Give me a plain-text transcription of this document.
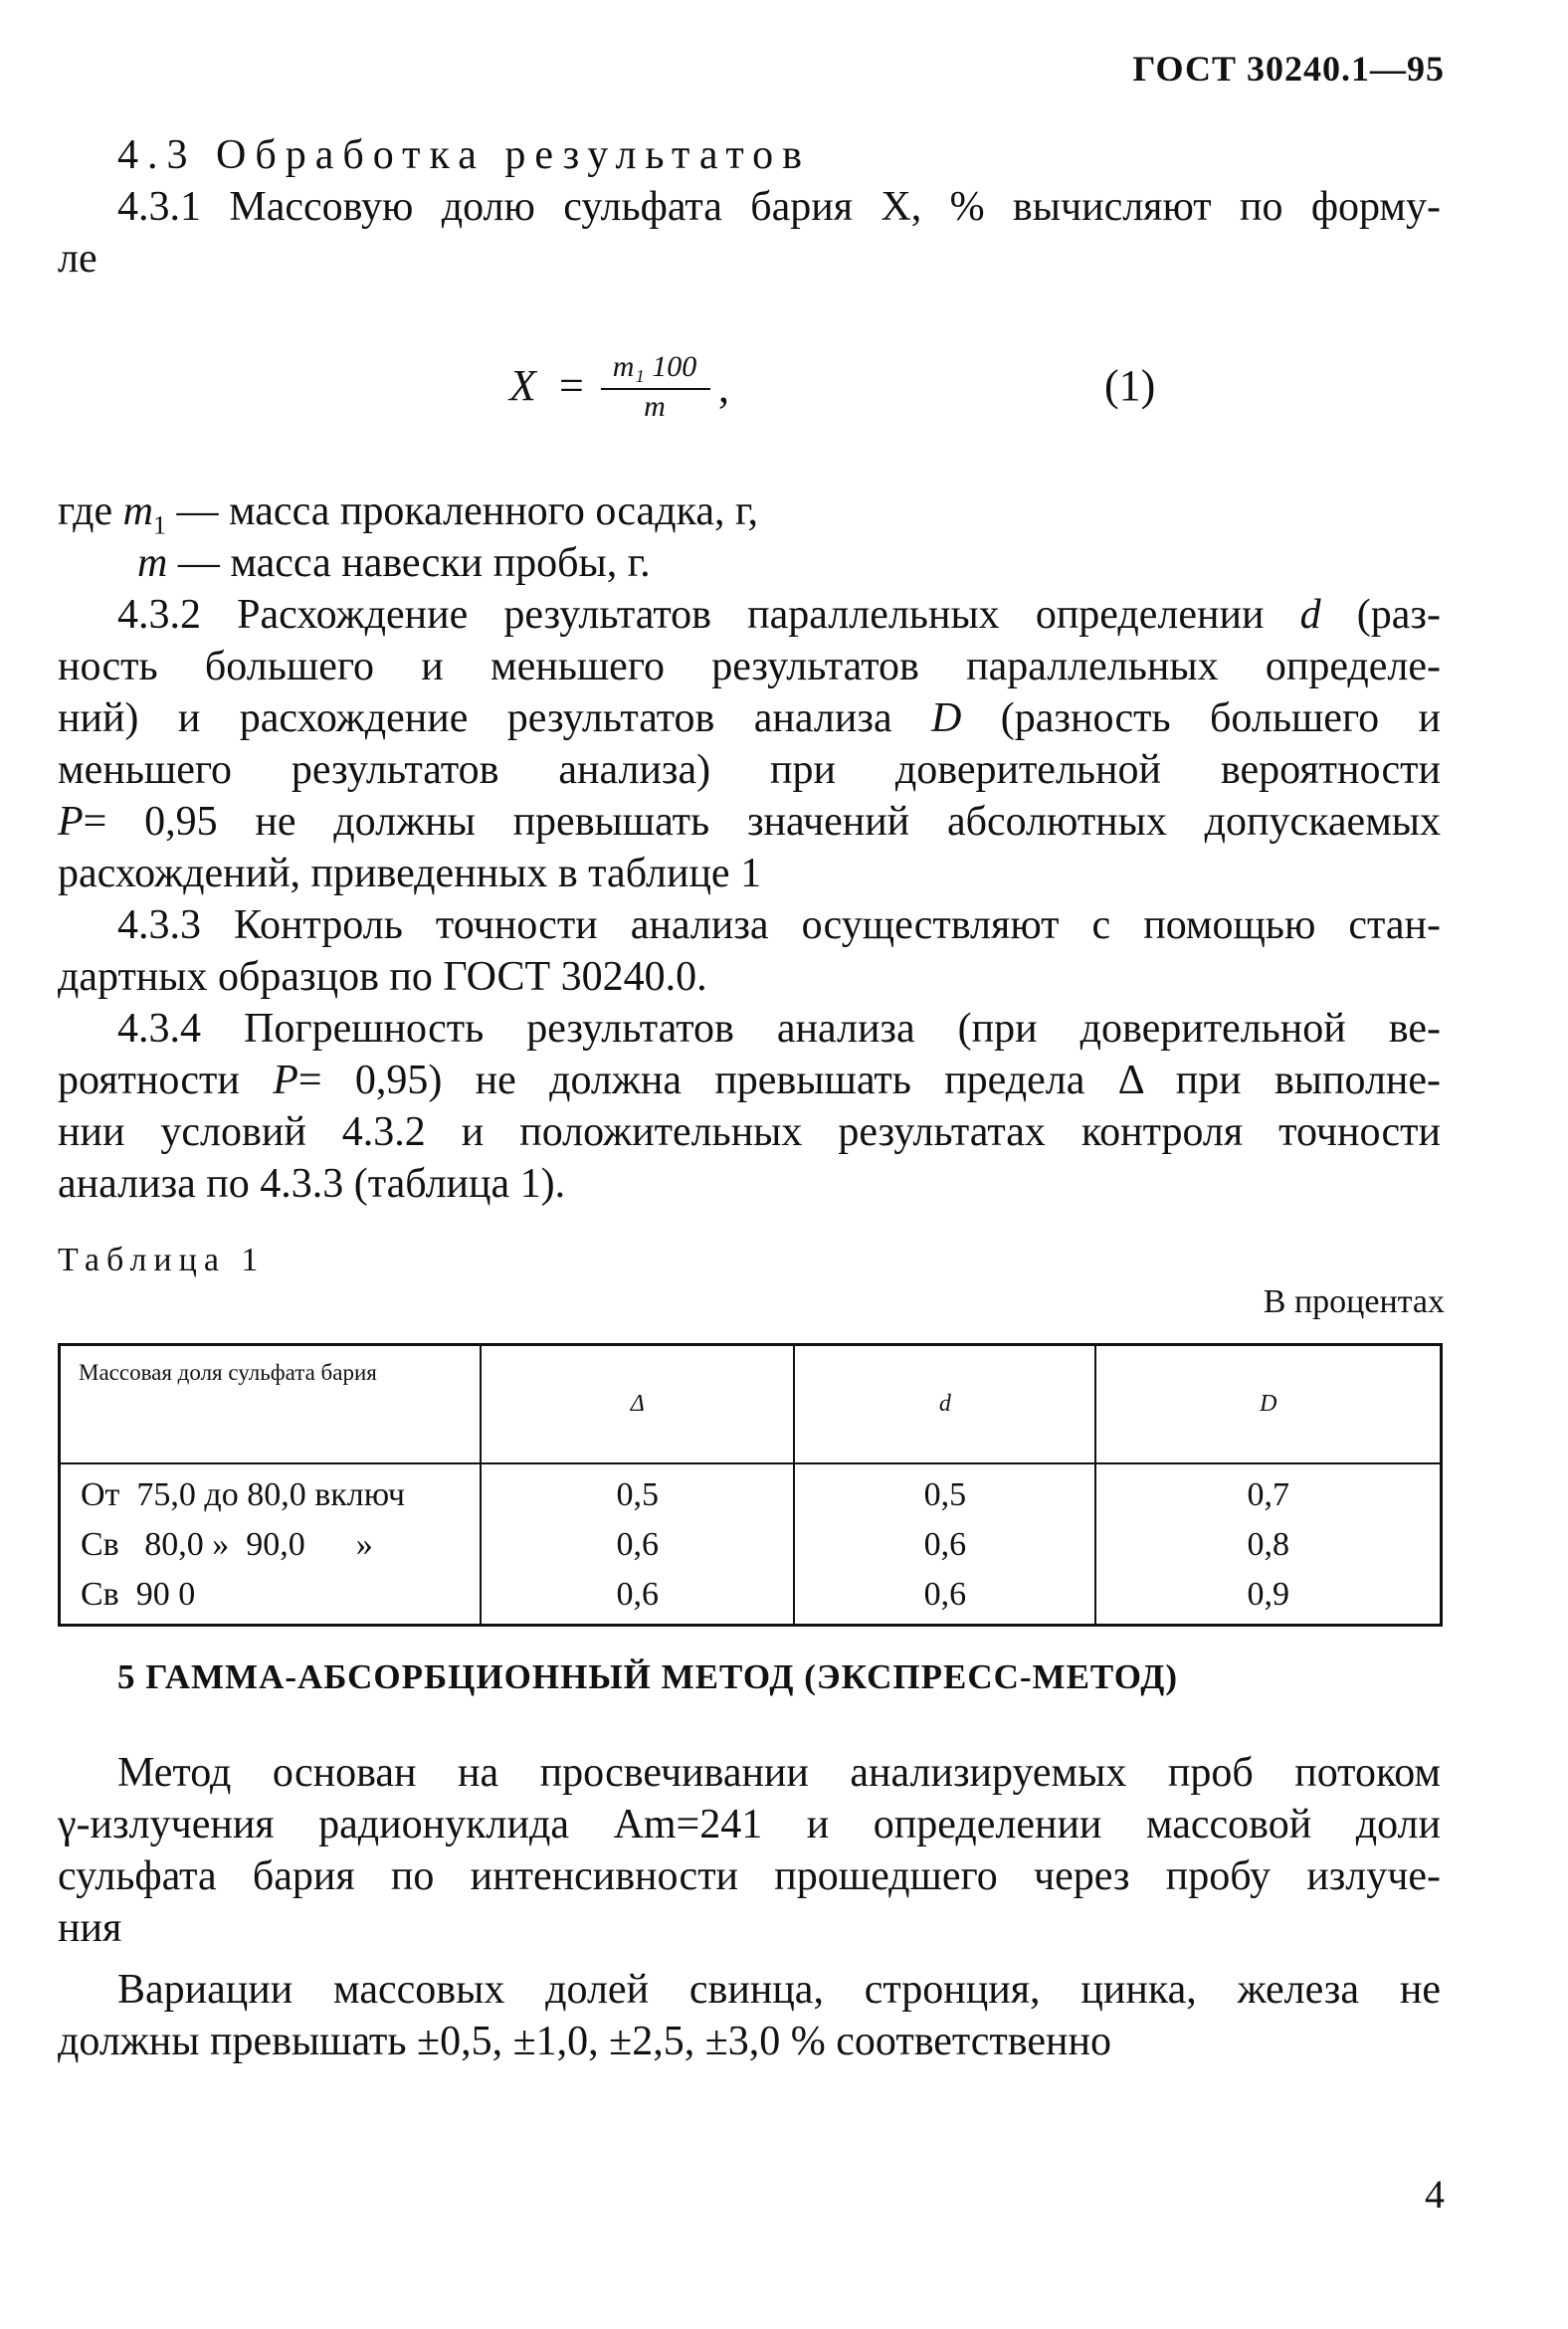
ГОСТ 30240.1—95
4.3 Обработка результатов
4.3.1 Массовую долю сульфата бария X, % вычисляют по форму-
ле
X = m₁ 100
m	,	(1)
где $m_1$ — масса прокаленного осадка, г,
m — масса навески пробы, г.
4.3.2 Расхождение результатов параллельных определении d (раз-
ность большего и меньшего результатов параллельных определе-
ний) и расхождение результатов анализа D (разность большего и
меньшего результатов анализа) при доверительной вероятности
P= 0,95 не должны превышать значений абсолютных допускаемых
расхождений, приведенных в таблице 1
4.3.3 Контроль точности анализа осуществляют с помощью стан-
дартных образцов по ГОСТ 30240.0.
4.3.4 Погрешность результатов анализа (при доверительной ве-
роятности P= 0,95) не должна превышать предела Δ при выполне-
нии условий 4.3.2 и положительных результатах контроля точности
анализа по 4.3.3 (таблица 1).
Таблица 1
В процентах
Массовая доля сульфата бария	Δ	d	D
От  75,0 до 80,0 включ	0,5	0,5	0,7
Св   80,0 »  90,0      »	0,6	0,6	0,8
Св  90 0	0,6	0,6	0,9
5 ГАММА-АБСОРБЦИОННЫЙ МЕТОД (ЭКСПРЕСС-МЕТОД)
Метод основан на просвечивании анализируемых проб потоком
γ-излучения радионуклида Am=241 и определении массовой доли
сульфата бария по интенсивности прошедшего через пробу излуче-
ния
Вариации массовых долей свинца, стронция, цинка, железа не
должны превышать ±0,5, ±1,0, ±2,5, ±3,0 % соответственно
4
